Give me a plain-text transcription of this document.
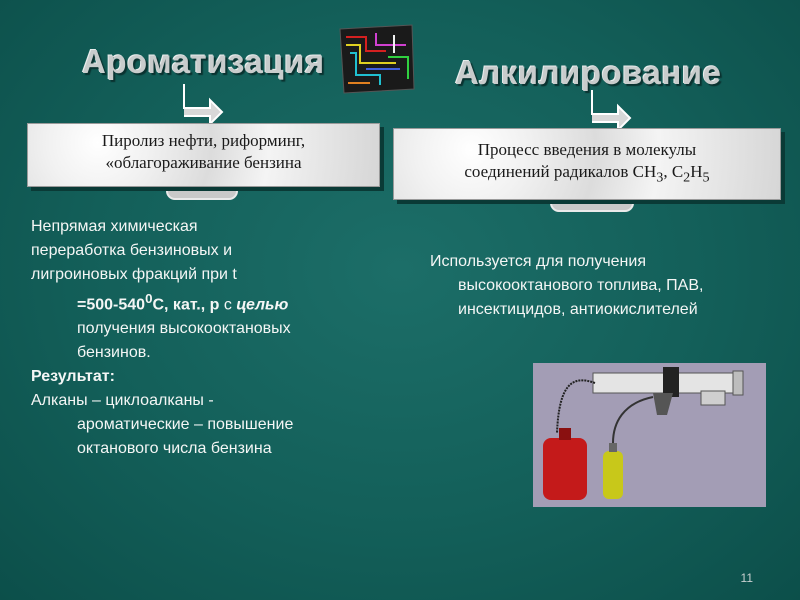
Ароматизация	Алкилирование
Пиролиз нефти, риформинг,
«облагораживание бензина
Процесс введения в молекулы
соединений радикалов $СН_3$, $С_2Н_5$

Непрямая химическая

переработка бензиновых и

лигроиновых фракций при t

$=500-540^0С$, кат., р с целью

получения высокооктановых

бензинов.

Результат:

Алканы – циклоалканы -

ароматические – повышение

октанового числа бензина

Используется для получения

высокооктанового топлива, ПАВ,

инсектицидов, антиокислителей

11
